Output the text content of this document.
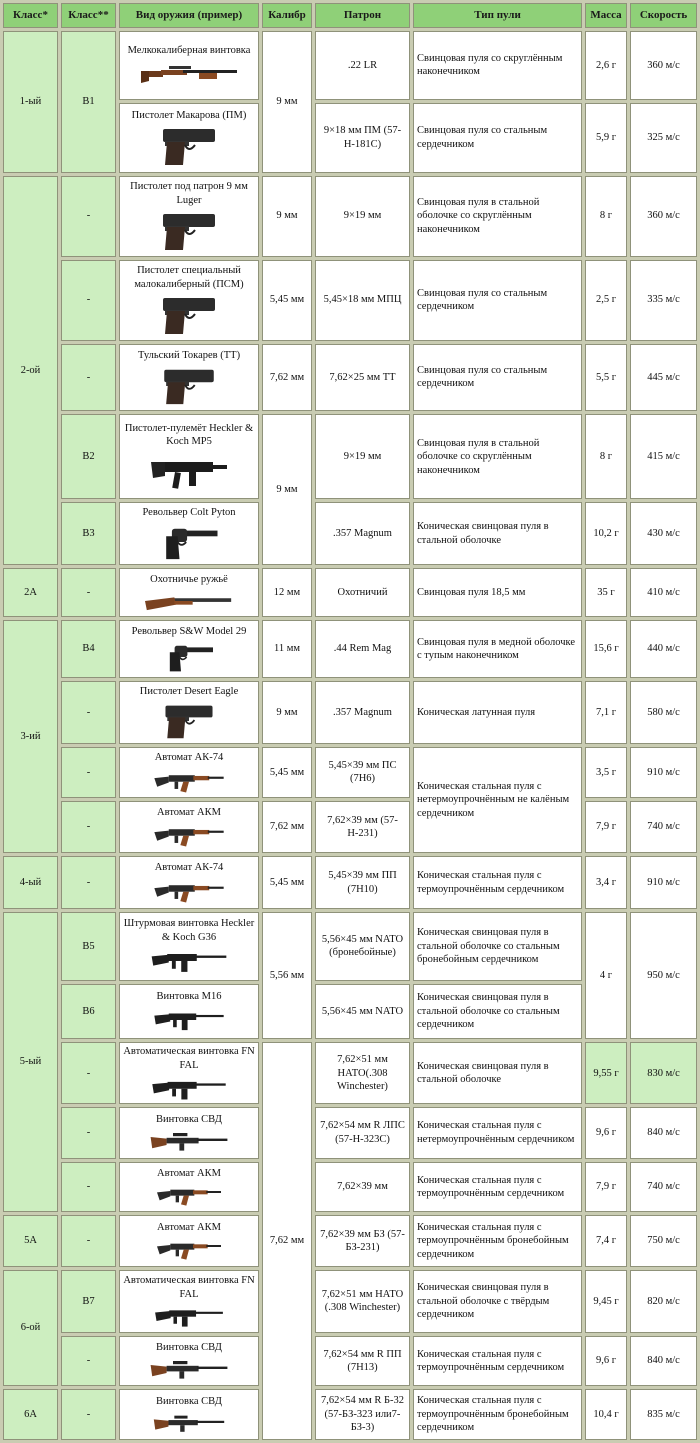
Класс*	Класс**	Вид оружия (пример)	Калибр	Патрон	Тип пули	Масса	Скорость
1-ый	B1	Мелкокалиберная винтовка	9 мм	.22 LR	Свинцовая пуля со скруглённым наконечником	2,6 г	360 м/с

		Пистолет Макарова (ПМ)		9×18 мм ПМ (57-Н-181С)	Свинцовая пуля со стальным сердечником	5,9 г	325 м/с
2-ой	-	Пистолет под патрон 9 мм Luger	9 мм	9×19 мм	Свинцовая пуля в стальной оболочке со скруглённым наконечником	8 г	360 м/с
	-	Пистолет специальный малокалиберный (ПСМ)	5,45 мм	5,45×18 мм МПЦ	Свинцовая пуля со стальным сердечником	2,5 г	335 м/с
	-	Тульский Токарев (ТТ)	7,62 мм	7,62×25 мм ТТ	Свинцовая пуля со стальным сердечником	5,5 г	445 м/с
	B2	Пистолет-пулемёт Heckler & Koch MP5	9 мм	9×19 мм	Свинцовая пуля в стальной оболочке со скруглённым наконечником	8 г	415 м/с
	B3	Револьвер Colt Pyton		.357 Magnum	Коническая свинцовая пуля в стальной оболочке	10,2 г	430 м/с
2А	-	Охотничье ружьё	12 мм	Охотничий	Свинцовая пуля 18,5 мм	35 г	410 м/с
3-ий	B4	Револьвер S&W Model 29	11 мм	.44 Rem Mag	Свинцовая пуля в медной оболочке с тупым наконечником	15,6 г	440 м/с
	-	Пистолет Desert Eagle	9 мм	.357 Magnum	Коническая латунная пуля	7,1 г	580 м/с
	-	Автомат АК-74	5,45 мм	5,45×39 мм ПС (7Н6)	Коническая стальная пуля с нетермоупрочнённым не калёным сердечником	3,5 г	910 м/с
	-	Автомат АКМ	7,62 мм	7,62×39 мм (57-Н-231)		7,9 г	740 м/с
4-ый	-	Автомат АК-74	5,45 мм	5,45×39 мм ПП (7Н10)	Коническая стальная пуля с термоупрочнённым сердечником	3,4 г	910 м/с
5-ый	B5	Штурмовая винтовка Heckler & Koch G36	5,56 мм	5,56×45 мм NATO (бронебойные)	Коническая свинцовая пуля в стальной оболочке со стальным бронебойным сердечником	4 г	950 м/с
	B6	Винтовка М16		5,56×45 мм NATO	Коническая свинцовая пуля в стальной оболочке со стальным сердечником		
	-	Автоматическая винтовка FN FAL	7,62 мм	7,62×51 мм НАТО(.308 Winchester)	Коническая свинцовая пуля в стальной оболочке	9,55 г	830 м/с
	-	Винтовка СВД		7,62×54 мм R ЛПС (57-Н-323С)	Коническая стальная пуля с нетермоупрочнённым сердечником	9,6 г	840 м/с
	-	Автомат АКМ		7,62×39 мм	Коническая стальная пуля с термоупрочнённым сердечником	7,9 г	740 м/с
5А	-	Автомат АКМ		7,62×39 мм БЗ (57-БЗ-231)	Коническая стальная пуля с термоупрочнённым бронебойным сердечником	7,4 г	750 м/с
6-ой	B7	Автоматическая винтовка FN FAL		7,62×51 мм НАТО (.308 Winchester)	Коническая свинцовая пуля в стальной оболочке с твёрдым сердечником	9,45 г	820 м/с
	-	Винтовка СВД		7,62×54 мм R ПП (7Н13)	Коническая стальная пуля с термоупрочнённым сердечником	9,6 г	840 м/с
6А	-	Винтовка СВД		7,62×54 мм R Б-32 (57-БЗ-323 или7-БЗ-3)	Коническая стальная пуля с термоупрочнённым бронебойным сердечником	10,4 г	835 м/с
